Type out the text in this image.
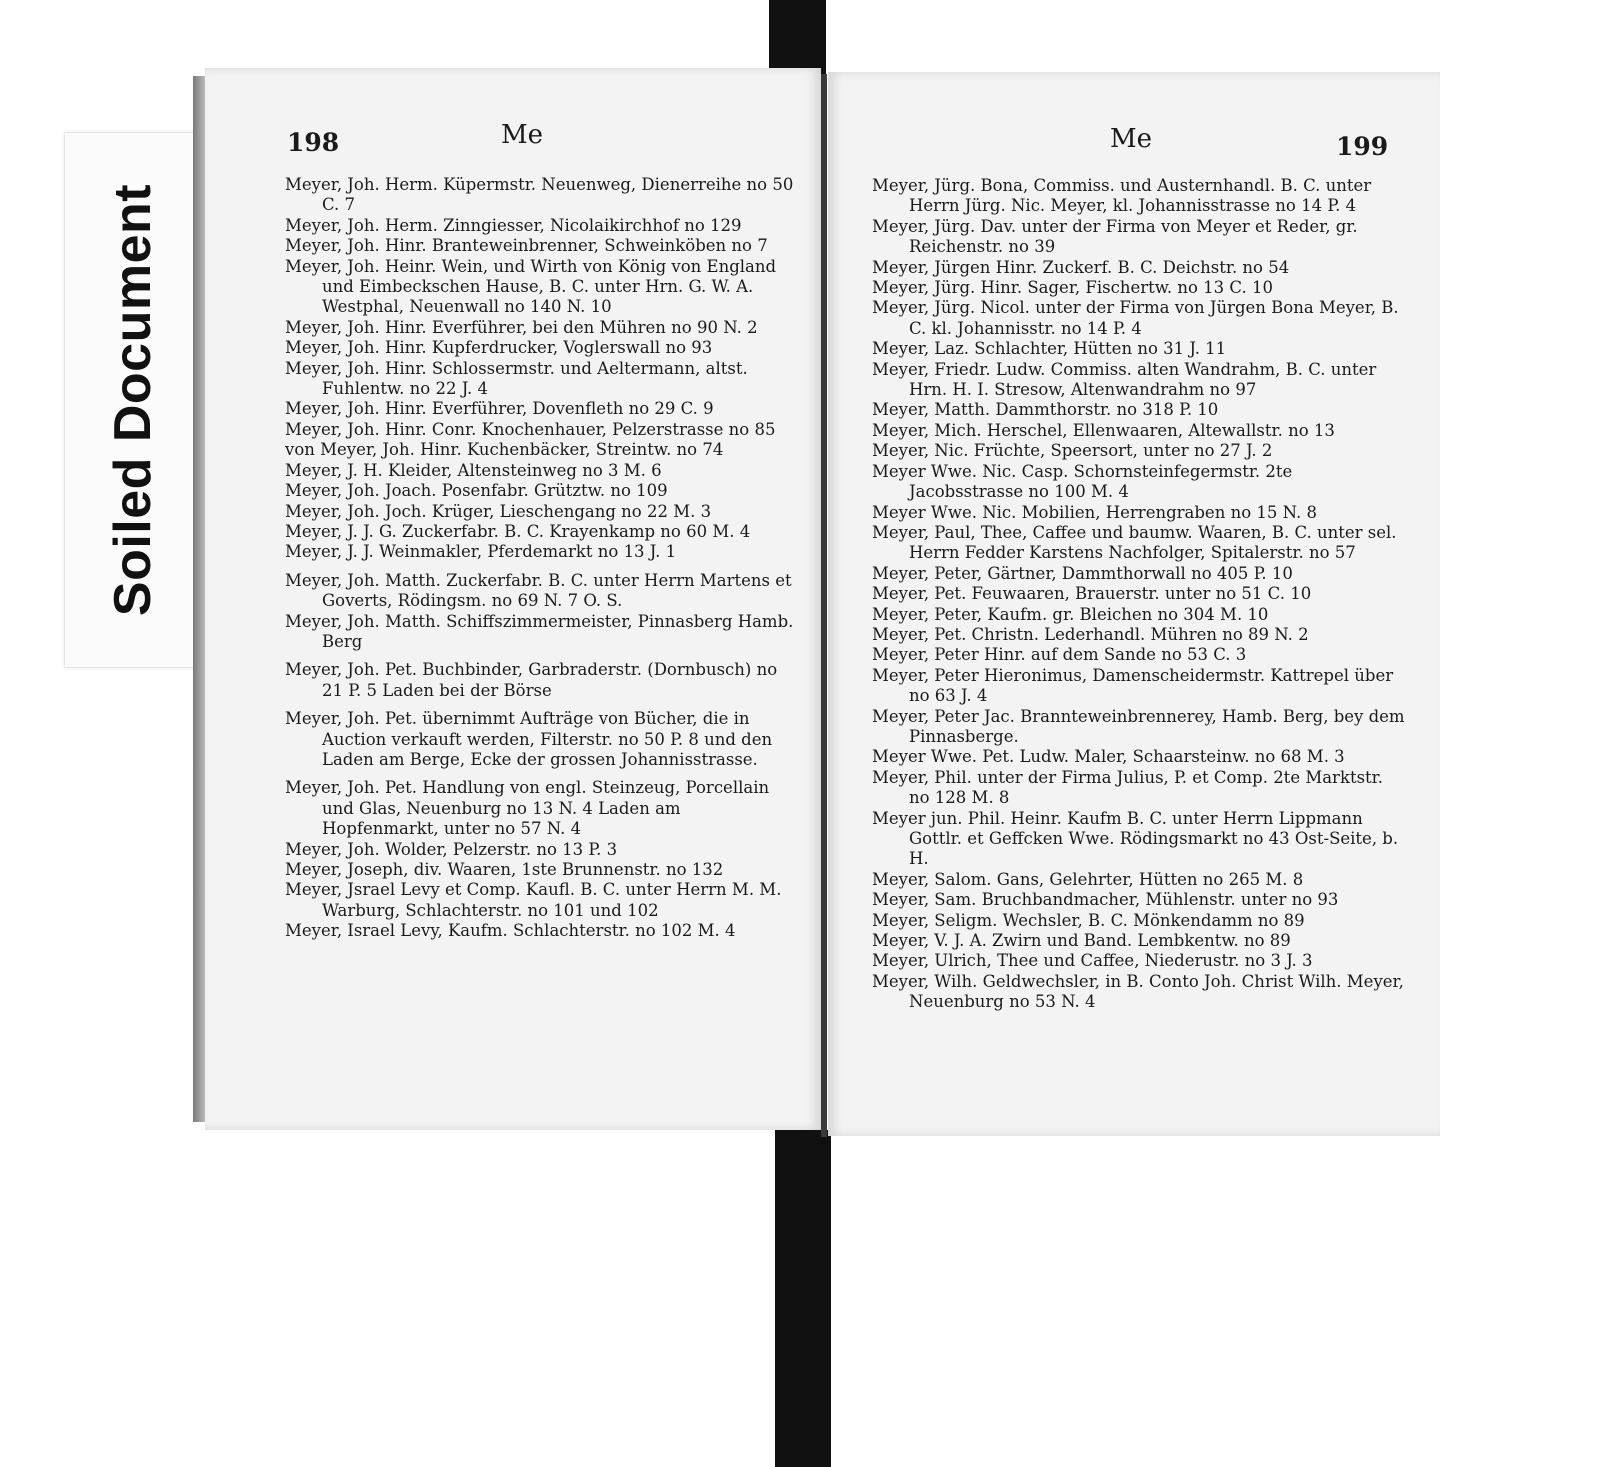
Soiled Document
198	Me

Meyer, Joh. Herm. Küpermstr. Neuenweg, Dienerreihe no 50 C. 7

Meyer, Joh. Herm. Zinngiesser, Nicolaikirchhof no 129

Meyer, Joh. Hinr. Branteweinbrenner, Schweinköben no 7

Meyer, Joh. Heinr. Wein, und Wirth von König von England und Eimbeckschen Hause, B. C. unter Hrn. G. W. A. Westphal, Neuenwall no 140 N. 10

Meyer, Joh. Hinr. Everführer, bei den Mühren no 90 N. 2

Meyer, Joh. Hinr. Kupferdrucker, Voglerswall no 93

Meyer, Joh. Hinr. Schlossermstr. und Aeltermann, altst. Fuhlentw. no 22 J. 4

Meyer, Joh. Hinr. Everführer, Dovenfleth no 29 C. 9

Meyer, Joh. Hinr. Conr. Knochenhauer, Pelzerstrasse no 85

von Meyer, Joh. Hinr. Kuchenbäcker, Streintw. no 74

Meyer, J. H. Kleider, Altensteinweg no 3 M. 6

Meyer, Joh. Joach. Posenfabr. Grütztw. no 109

Meyer, Joh. Joch. Krüger, Lieschengang no 22 M. 3

Meyer, J. J. G. Zuckerfabr. B. C. Krayenkamp no 60 M. 4

Meyer, J. J. Weinmakler, Pferdemarkt no 13 J. 1

Meyer, Joh. Matth. Zuckerfabr. B. C. unter Herrn Martens et Goverts, Rödingsm. no 69 N. 7 O. S.

Meyer, Joh. Matth. Schiffszimmermeister, Pinnasberg Hamb. Berg

Meyer, Joh. Pet. Buchbinder, Garbraderstr. (Dornbusch) no 21 P. 5 Laden bei der Börse

Meyer, Joh. Pet. übernimmt Aufträge von Bücher, die in Auction verkauft werden, Filterstr. no 50 P. 8 und den Laden am Berge, Ecke der grossen Johannisstrasse.

Meyer, Joh. Pet. Handlung von engl. Steinzeug, Porcellain und Glas, Neuenburg no 13 N. 4 Laden am Hopfenmarkt, unter no 57 N. 4

Meyer, Joh. Wolder, Pelzerstr. no 13 P. 3

Meyer, Joseph, div. Waaren, 1ste Brunnenstr. no 132

Meyer, Jsrael Levy et Comp. Kaufl. B. C. unter Herrn M. M. Warburg, Schlachterstr. no 101 und 102

Meyer, Israel Levy, Kaufm. Schlachterstr. no 102 M. 4

Me	199

Meyer, Jürg. Bona, Commiss. und Austernhandl. B. C. unter Herrn Jürg. Nic. Meyer, kl. Johannisstrasse no 14 P. 4

Meyer, Jürg. Dav. unter der Firma von Meyer et Reder, gr. Reichenstr. no 39

Meyer, Jürgen Hinr. Zuckerf. B. C. Deichstr. no 54

Meyer, Jürg. Hinr. Sager, Fischertw. no 13 C. 10

Meyer, Jürg. Nicol. unter der Firma von Jürgen Bona Meyer, B. C. kl. Johannisstr. no 14 P. 4

Meyer, Laz. Schlachter, Hütten no 31 J. 11

Meyer, Friedr. Ludw. Commiss. alten Wandrahm, B. C. unter Hrn. H. I. Stresow, Altenwandrahm no 97

Meyer, Matth. Dammthorstr. no 318 P. 10

Meyer, Mich. Herschel, Ellenwaaren, Altewallstr. no 13

Meyer, Nic. Früchte, Speersort, unter no 27 J. 2

Meyer Wwe. Nic. Casp. Schornsteinfegermstr. 2te Jacobsstrasse no 100 M. 4

Meyer Wwe. Nic. Mobilien, Herrengraben no 15 N. 8

Meyer, Paul, Thee, Caffee und baumw. Waaren, B. C. unter sel. Herrn Fedder Karstens Nachfolger, Spitalerstr. no 57

Meyer, Peter, Gärtner, Dammthorwall no 405 P. 10

Meyer, Pet. Feuwaaren, Brauerstr. unter no 51 C. 10

Meyer, Peter, Kaufm. gr. Bleichen no 304 M. 10

Meyer, Pet. Christn. Lederhandl. Mühren no 89 N. 2

Meyer, Peter Hinr. auf dem Sande no 53 C. 3

Meyer, Peter Hieronimus, Damenscheidermstr. Kattrepel über no 63 J. 4

Meyer, Peter Jac. Brannteweinbrennerey, Hamb. Berg, bey dem Pinnasberge.

Meyer Wwe. Pet. Ludw. Maler, Schaarsteinw. no 68 M. 3

Meyer, Phil. unter der Firma Julius, P. et Comp. 2te Marktstr. no 128 M. 8

Meyer jun. Phil. Heinr. Kaufm B. C. unter Herrn Lippmann Gottlr. et Geffcken Wwe. Rödingsmarkt no 43 Ost-Seite, b. H.

Meyer, Salom. Gans, Gelehrter, Hütten no 265 M. 8

Meyer, Sam. Bruchbandmacher, Mühlenstr. unter no 93

Meyer, Seligm. Wechsler, B. C. Mönkendamm no 89

Meyer, V. J. A. Zwirn und Band. Lembkentw. no 89

Meyer, Ulrich, Thee und Caffee, Niederustr. no 3 J. 3

Meyer, Wilh. Geldwechsler, in B. Conto Joh. Christ Wilh. Meyer, Neuenburg no 53 N. 4
